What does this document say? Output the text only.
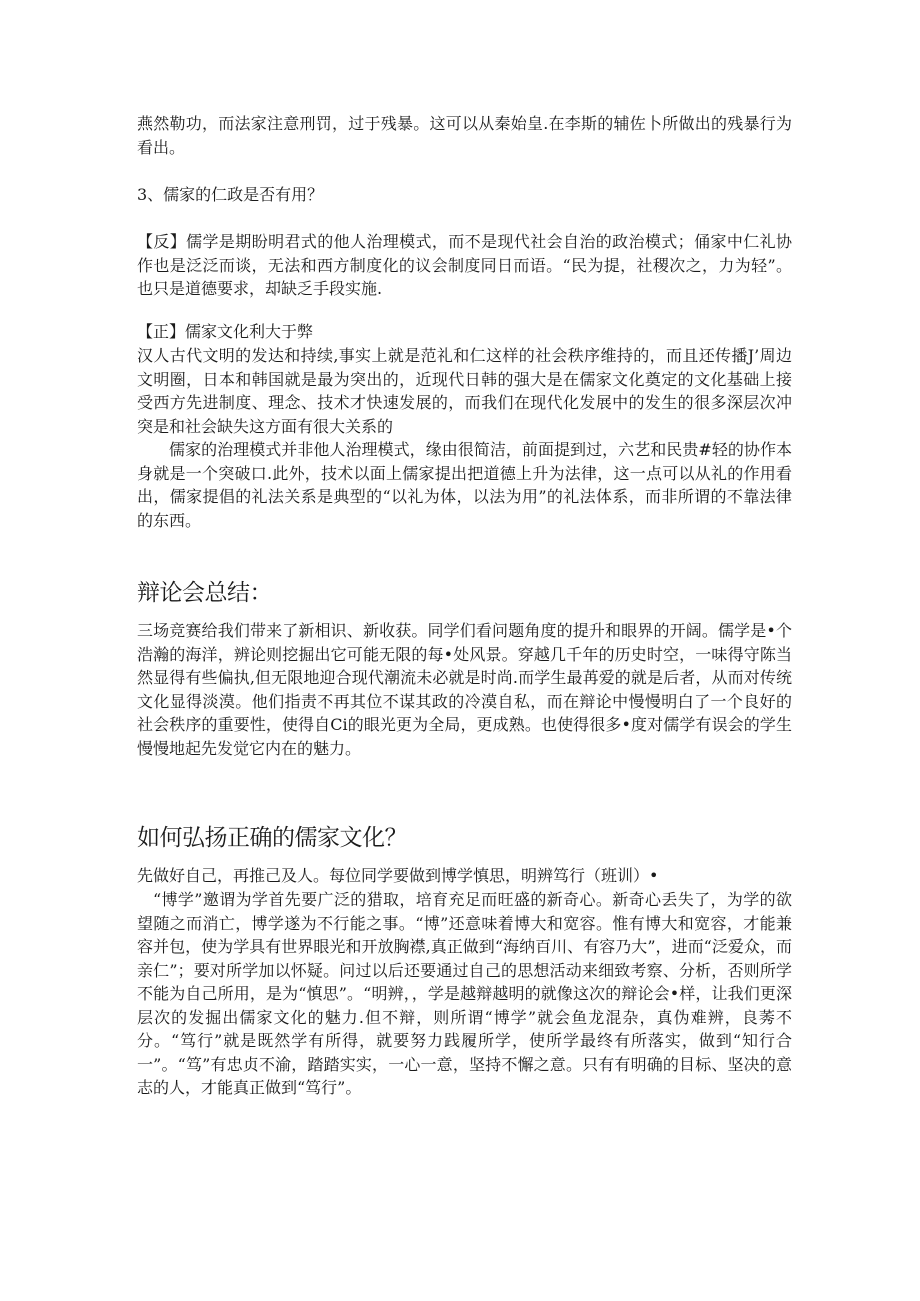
燕然勒功，而法家注意刑罚，过于残暴。这可以从秦始皇.在李斯的辅佐卜所做出的残暴行为看出。

3、儒家的仁政是否有用？

【反】儒学是期盼明君式的他人治理模式，而不是现代社会自治的政治模式；俑家中仁礼协作也是泛泛而谈，无法和西方制度化的议会制度同日而语。“民为提，社稷次之，力为轻”。也只是道德要求，却缺乏手段实施.

【正】儒家文化利大于弊

汉人古代文明的发达和持续,事实上就是范礼和仁这样的社会秩序维持的，而且还传播J’周边文明圈，日本和韩国就是最为突出的，近现代日韩的强大是在儒家文化奠定的文化基础上接受西方先进制度、理念、技术才快速发展的，而我们在现代化发展中的发生的很多深层次冲突是和社会缺失这方面有很大关系的

儒家的治理模式并非他人治理模式，缘由很简洁，前面提到过，六艺和民贵#轻的协作本身就是一个突破口.此外，技术以面上儒家提出把道德上升为法律，这一点可以从礼的作用看出，儒家提倡的礼法关系是典型的“以礼为体，以法为用”的礼法体系，而非所谓的不靠法律的东西。

辩论会总结：

三场竞赛给我们带来了新相识、新收获。同学们看问题角度的提升和眼界的开阔。儒学是•个浩瀚的海洋，辨论则挖掘出它可能无限的每•处风景。穿越几千年的历史时空，一味得守陈当然显得有些偏执,但无限地迎合现代潮流未必就是时尚.而学生最苒爱的就是后者，从而对传统文化显得淡漠。他们指责不再其位不谋其政的冷漠自私，而在辩论中慢慢明白了一个良好的社会秩序的重要性，使得自Ci的眼光更为全局，更成熟。也使得很多•度对儒学有误会的学生慢慢地起先发觉它内在的魅力。

如何弘扬正确的儒家文化？

先做好自己，再推己及人。每位同学要做到博学慎思，明辨笃行（班训）•

“博学”邀谓为学首先要广泛的猎取，培育充足而旺盛的新奇心。新奇心丢失了，为学的欲望随之而消亡，博学遂为不行能之事。“博”还意味着博大和宽容。惟有博大和宽容，才能兼容并包，使为学具有世界眼光和开放胸襟,真正做到“海纳百川、有容乃大”，进而“泛爱众，而亲仁”；要对所学加以怀疑。问过以后还要通过自己的思想活动来细致考察、分析，否则所学不能为自己所用，是为“慎思”。“明辨，，学是越辩越明的就像这次的辩论会•样，让我们更深层次的发掘出儒家文化的魅力.但不辩，则所谓“博学”就会鱼龙混杂，真伪难辨，良莠不分。“笃行”就是既然学有所得，就要努力践履所学，使所学最终有所落实，做到“知行合一”。“笃”有忠贞不渝，踏踏实实，一心一意，坚持不懈之意。只有有明确的目标、坚决的意志的人，才能真正做到“笃行”。
